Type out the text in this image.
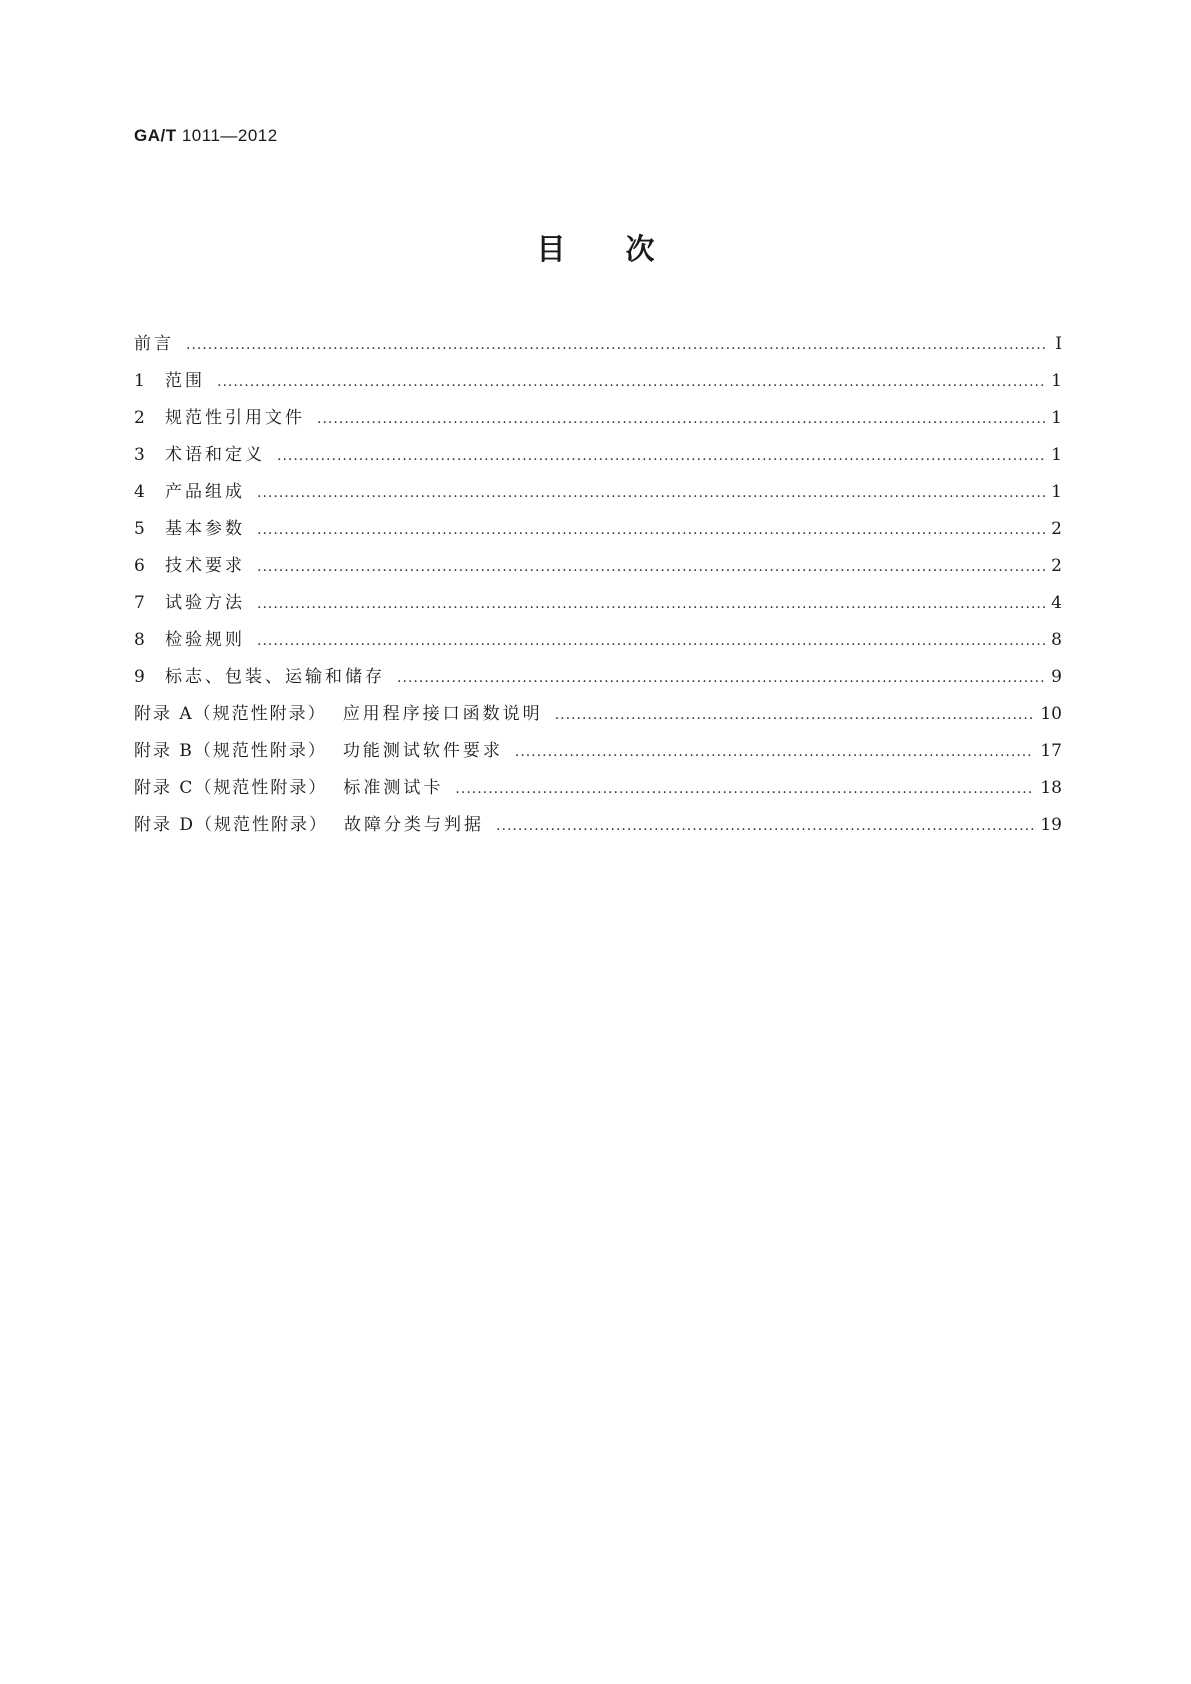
GA/T 1011—2012
目次
前言 .....	Ⅰ
1	范围 .....	1
2	规范性引用文件 .....	1
3	术语和定义 .....	1
4	产品组成 .....	1
5	基本参数 .....	2
6	技术要求 .....	2
7	试验方法 .....	4
8	检验规则 .....	8
9	标志、包装、运输和储存 .....	9
附录 A（规范性附录） 应用程序接口函数说明 .....	10
附录 B（规范性附录） 功能测试软件要求 .....	17
附录 C（规范性附录） 标准测试卡 .....	18
附录 D（规范性附录） 故障分类与判据 .....	19
